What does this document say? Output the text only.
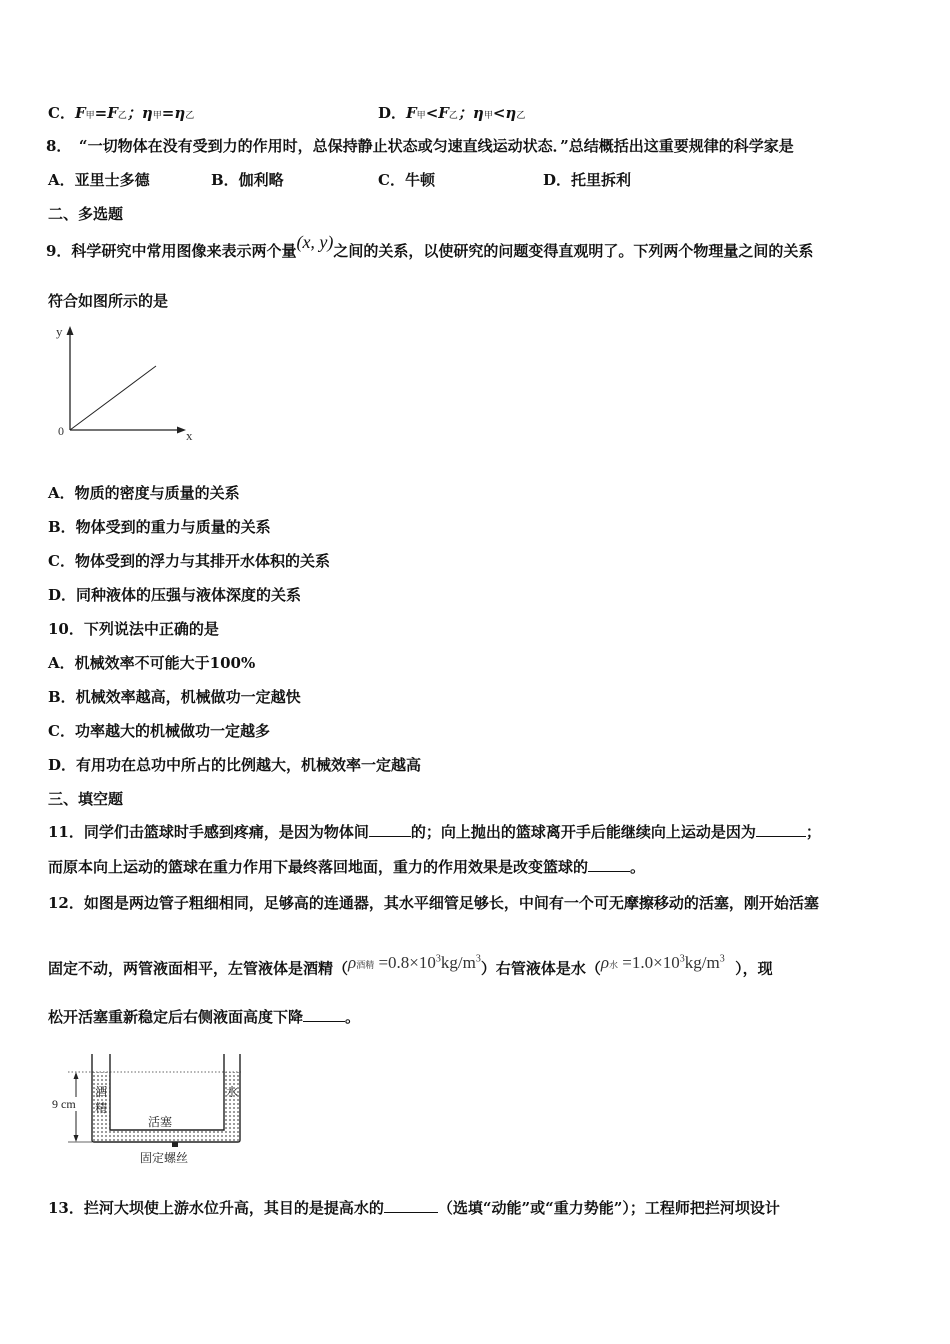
C．F甲=F乙；η甲=η乙	D．F甲<F乙；η甲<η乙
8．　“一切物体在没有受到力的作用时，总保持静止状态或匀速直线运动状态．”总结概括出这重要规律的科学家是
A．亚里士多德	B．伽利略	C．牛顿	D．托里拆利
二、多选题
9．科学研究中常用图像来表示两个量(x, y)之间的关系，以使研究的问题变得直观明了。下列两个物理量之间的关系
符合如图所示的是
y
x
0
A．物质的密度与质量的关系
B．物体受到的重力与质量的关系
C．物体受到的浮力与其排开水体积的关系
D．同种液体的压强与液体深度的关系
10．下列说法中正确的是
A．机械效率不可能大于100%
B．机械效率越高，机械做功一定越快
C．功率越大的机械做功一定越多
D．有用功在总功中所占的比例越大，机械效率一定越高
三、填空题
11．同学们击篮球时手感到疼痛，是因为物体间	的；向上抛出的篮球离开手后能继续向上运动是因为	；
而原本向上运动的篮球在重力作用下最终落回地面，重力的作用效果是改变篮球的	。
12．如图是两边管子粗细相同，足够高的连通器，其水平细管足够长，中间有一个可无摩擦移动的活塞，刚开始活塞
固定不动，两管液面相平，左管液体是酒精（ρ酒精 $=0.8\times 10^3kg/m^3$）右管液体是水（ρ水 $=1.0\times 10^3kg/m^3$  ），现
松开活塞重新稳定后右侧液面高度下降	。
9 cm
酒
精
水
活塞
固定螺丝
13．拦河大坝使上游水位升高，其目的是提高水的	（选填“动能”或“重力势能”）；工程师把拦河坝设计
